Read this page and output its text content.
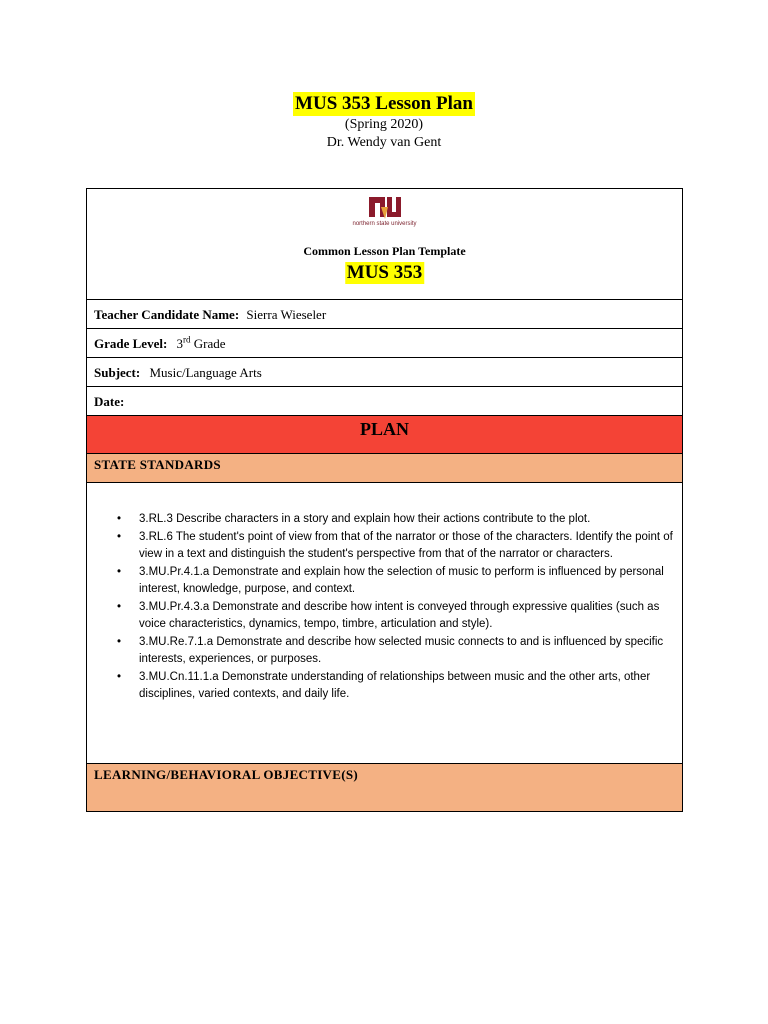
MUS 353 Lesson Plan
(Spring 2020)
Dr. Wendy van Gent
northern state university
Common Lesson Plan Template
MUS 353
Teacher Candidate Name: Sierra Wieseler
Grade Level: 3rd Grade
Subject: Music/Language Arts
Date:
PLAN
STATE STANDARDS
• 3.RL.3 Describe characters in a story and explain how their actions contribute to the plot.
• 3.RL.6 The student's point of view from that of the narrator or those of the characters. Identify the point of view in a text and distinguish the student's perspective from that of the narrator or characters.
• 3.MU.Pr.4.1.a Demonstrate and explain how the selection of music to perform is influenced by personal interest, knowledge, purpose, and context.
• 3.MU.Pr.4.3.a Demonstrate and describe how intent is conveyed through expressive qualities (such as voice characteristics, dynamics, tempo, timbre, articulation and style).
• 3.MU.Re.7.1.a Demonstrate and describe how selected music connects to and is influenced by specific interests, experiences, or purposes.
• 3.MU.Cn.11.1.a Demonstrate understanding of relationships between music and the other arts, other disciplines, varied contexts, and daily life.
LEARNING/BEHAVIORAL OBJECTIVE(S)
